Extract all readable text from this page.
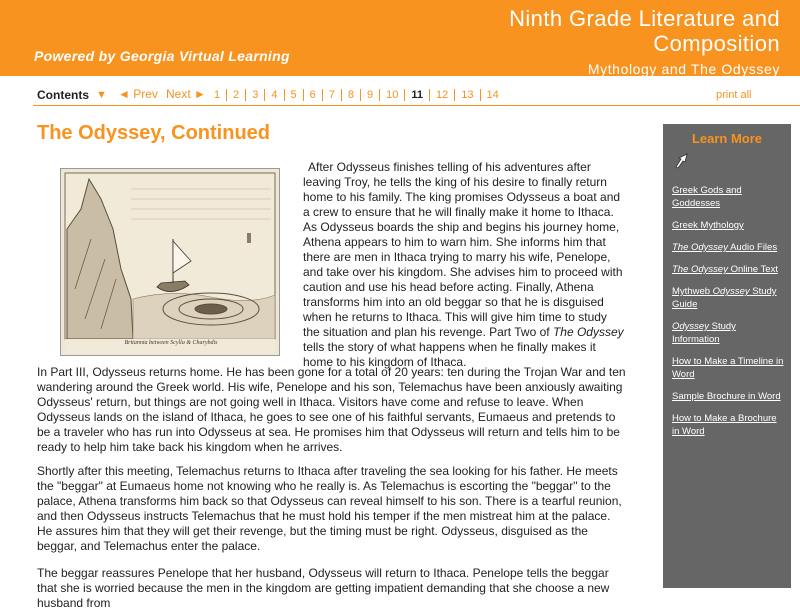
Powered by Georgia Virtual Learning
Ninth Grade Literature and
Composition
Mythology and The Odyssey
Contents ▼ ◄ Prev Next ► 1	2	3	4	5	6	7	8	9	10	11	12	13	14	print all
The Odyssey, Continued
Britannia between Scylla & Charybdis
After Odysseus finishes telling of his adventures after leaving Troy, he tells the king of his desire to finally return home to his family. The king promises Odysseus a boat and a crew to ensure that he will finally make it home to Ithaca. As Odysseus boards the ship and begins his journey home, Athena appears to him to warn him. She informs him that there are men in Ithaca trying to marry his wife, Penelope, and take over his kingdom. She advises him to proceed with caution and use his head before acting. Finally, Athena transforms him into an old beggar so that he is disguised when he returns to Ithaca. This will give him time to study the situation and plan his revenge. Part Two of The Odyssey tells the story of what happens when he finally makes it home to his kingdom of Ithaca.

In Part III, Odysseus returns home. He has been gone for a total of 20 years: ten during the Trojan War and ten wandering around the Greek world. His wife, Penelope and his son, Telemachus have been anxiously awaiting Odysseus' return, but things are not going well in Ithaca. Visitors have come and refuse to leave. When Odysseus lands on the island of Ithaca, he goes to see one of his faithful servants, Eumaeus and pretends to be a traveler who has run into Odysseus at sea. He promises him that Odysseus will return and tells him to be ready to help him take back his kingdom when he arrives.

Shortly after this meeting, Telemachus returns to Ithaca after traveling the sea looking for his father. He meets the "beggar" at Eumaeus home not knowing who he really is. As Telemachus is escorting the "beggar" to the palace, Athena transforms him back so that Odysseus can reveal himself to his son. There is a tearful reunion, and then Odysseus instructs Telemachus that he must hold his temper if the men mistreat him at the palace. He assures him that they will get their revenge, but the timing must be right. Odysseus, disguised as the beggar, and Telemachus enter the palace.

The beggar reassures Penelope that her husband, Odysseus will return to Ithaca. Penelope tells the beggar that she is worried because the men in the kingdom are getting impatient demanding that she choose a new husband from

Learn More
Greek Gods and Goddesses
Greek Mythology
The Odyssey Audio Files
The Odyssey Online Text
Mythweb Odyssey Study Guide
Odyssey Study Information
How to Make a Timeline in Word
Sample Brochure in Word
How to Make a Brochure in Word
